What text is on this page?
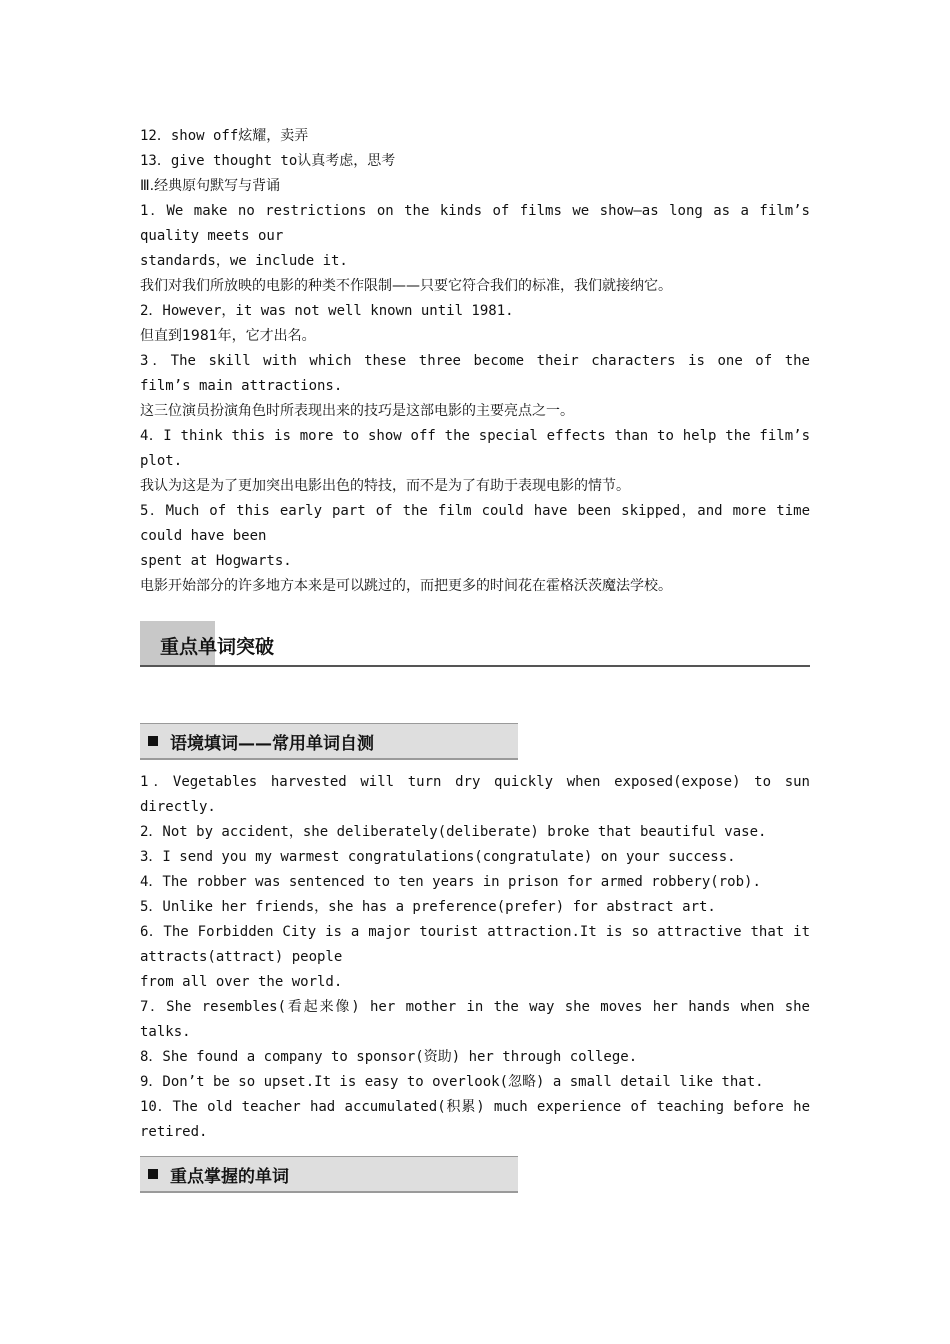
12．show off炫耀，卖弄
13．give thought to认真考虑，思考
Ⅲ.经典原句默写与背诵
1．We make no restrictions on the kinds of films we show—as long as a film’s quality meets our
standards，we include it.
我们对我们所放映的电影的种类不作限制——只要它符合我们的标准，我们就接纳它。
2．However，it was not well known until 1981.
但直到1981年，它才出名。
3．The skill with which these three become their characters is one of the film’s main attractions.
这三位演员扮演角色时所表现出来的技巧是这部电影的主要亮点之一。
4．I think this is more to show off the special effects than to help the film’s plot.
我认为这是为了更加突出电影出色的特技，而不是为了有助于表现电影的情节。
5．Much of this early part of the film could have been skipped，and more time could have been
spent at Hogwarts.
电影开始部分的许多地方本来是可以跳过的，而把更多的时间花在霍格沃茨魔法学校。
重点单词突破
语境填词——常用单词自测
1．Vegetables harvested will turn dry quickly when exposed(expose) to sun directly.
2．Not by accident，she deliberately(deliberate) broke that beautiful vase.
3．I send you my warmest congratulations(congratulate) on your success.
4．The robber was sentenced to ten years in prison for armed robbery(rob).
5．Unlike her friends，she has a preference(prefer) for abstract art.
6．The Forbidden City is a major tourist attraction.It is so attractive that it attracts(attract) people
from all over the world.
7．She resembles(看起来像) her mother in the way she moves her hands when she talks.
8．She found a company to sponsor(资助) her through college.
9．Don’t be so upset.It is easy to overlook(忽略) a small detail like that.
10．The old teacher had accumulated(积累) much experience of teaching before he retired.
重点掌握的单词
